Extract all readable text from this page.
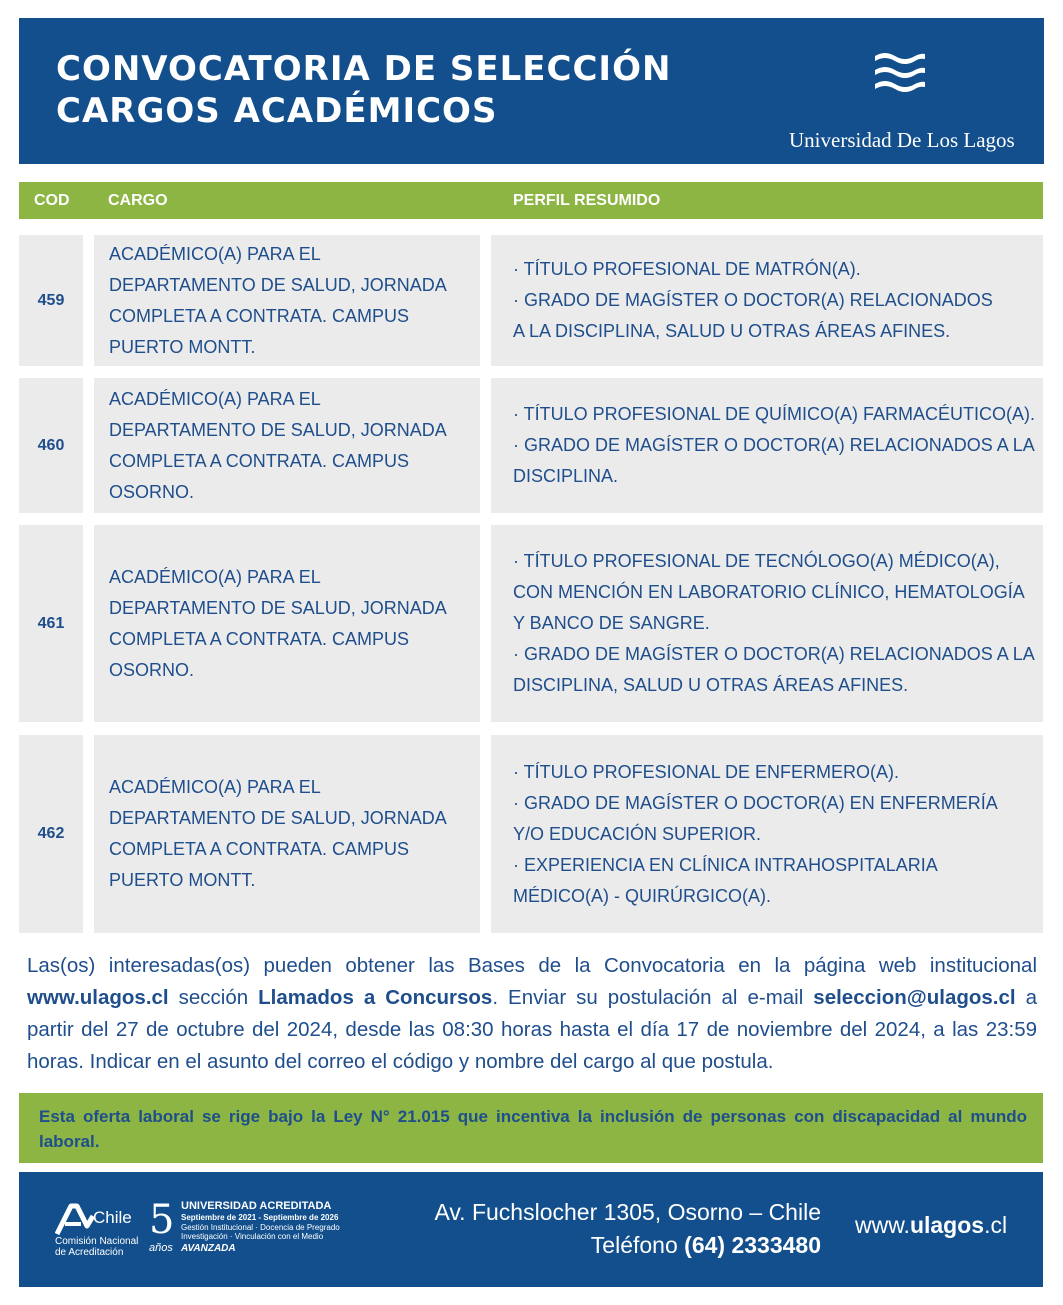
CONVOCATORIA DE SELECCIÓN
CARGOS ACADÉMICOS
Universidad De Los Lagos
COD CARGO	PERFIL RESUMIDO
459
ACADÉMICO(A) PARA EL DEPARTAMENTO DE SALUD, JORNADA COMPLETA A CONTRATA. CAMPUS PUERTO MONTT.
· TÍTULO PROFESIONAL DE MATRÓN(A).
· GRADO DE MAGÍSTER O DOCTOR(A) RELACIONADOS
A LA DISCIPLINA, SALUD U OTRAS ÁREAS AFINES.
460
ACADÉMICO(A) PARA EL DEPARTAMENTO DE SALUD, JORNADA COMPLETA A CONTRATA. CAMPUS OSORNO.
· TÍTULO PROFESIONAL DE QUÍMICO(A) FARMACÉUTICO(A).
· GRADO DE MAGÍSTER O DOCTOR(A) RELACIONADOS A LA
DISCIPLINA.
461
ACADÉMICO(A) PARA EL DEPARTAMENTO DE SALUD, JORNADA COMPLETA A CONTRATA. CAMPUS OSORNO.
· TÍTULO PROFESIONAL DE TECNÓLOGO(A) MÉDICO(A),
CON MENCIÓN EN LABORATORIO CLÍNICO, HEMATOLOGÍA
Y BANCO DE SANGRE.
· GRADO DE MAGÍSTER O DOCTOR(A) RELACIONADOS A LA
DISCIPLINA, SALUD U OTRAS ÁREAS AFINES.
462
ACADÉMICO(A) PARA EL DEPARTAMENTO DE SALUD, JORNADA COMPLETA A CONTRATA. CAMPUS PUERTO MONTT.
· TÍTULO PROFESIONAL DE ENFERMERO(A).
· GRADO DE MAGÍSTER O DOCTOR(A) EN ENFERMERÍA
Y/O EDUCACIÓN SUPERIOR.
· EXPERIENCIA EN CLÍNICA INTRAHOSPITALARIA
MÉDICO(A) - QUIRÚRGICO(A).

Las(os) interesadas(os) pueden obtener las Bases de la Convocatoria en la página web institucional www.ulagos.cl sección Llamados a Concursos. Enviar su postulación al e-mail seleccion@ulagos.cl a partir del 27 de octubre del 2024, desde las 08:30 horas hasta el día 17 de noviembre del 2024, a las 23:59 horas. Indicar en el asunto del correo el código y nombre del cargo al que postula.

Esta oferta laboral se rige bajo la Ley N° 21.015 que incentiva la inclusión de personas con discapacidad al mundo laboral.

Chile
Comisión Nacional
de Acreditación
5
años
UNIVERSIDAD ACREDITADA
Septiembre de 2021 - Septiembre de 2026
Gestión Institucional · Docencia de Pregrado
Investigación · Vinculación con el Medio
AVANZADA
Av. Fuchslocher 1305, Osorno – Chile
Teléfono (64) 2333480
www.ulagos.cl
